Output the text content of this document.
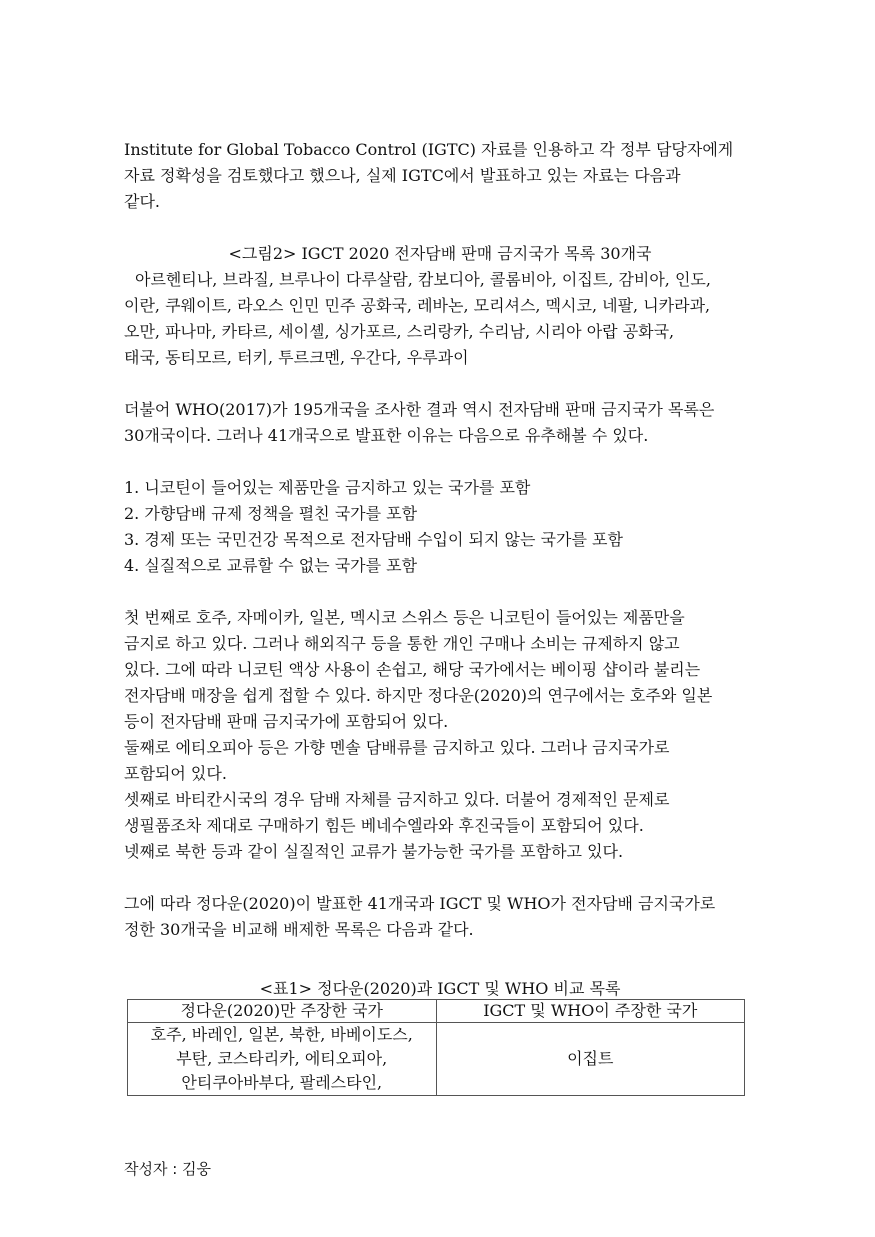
Institute for Global Tobacco Control (IGTC) 자료를 인용하고 각 정부 담당자에게

자료 정확성을 검토했다고 했으나, 실제 IGTC에서 발표하고 있는 자료는 다음과

같다.

<그림2> IGCT 2020 전자담배 판매 금지국가 목록 30개국

아르헨티나, 브라질, 브루나이 다루살람, 캄보디아, 콜롬비아, 이집트, 감비아, 인도,

이란, 쿠웨이트, 라오스 인민 민주 공화국, 레바논, 모리셔스, 멕시코, 네팔, 니카라과,

오만, 파나마, 카타르, 세이셸, 싱가포르, 스리랑카, 수리남, 시리아 아랍 공화국,

태국, 동티모르, 터키, 투르크멘, 우간다, 우루과이

더불어 WHO(2017)가 195개국을 조사한 결과 역시 전자담배 판매 금지국가 목록은

30개국이다. 그러나 41개국으로 발표한 이유는 다음으로 유추해볼 수 있다.

1. 니코틴이 들어있는 제품만을 금지하고 있는 국가를 포함

2. 가향담배 규제 정책을 펼친 국가를 포함

3. 경제 또는 국민건강 목적으로 전자담배 수입이 되지 않는 국가를 포함

4. 실질적으로 교류할 수 없는 국가를 포함

첫 번째로 호주, 자메이카, 일본, 멕시코 스위스 등은 니코틴이 들어있는 제품만을

금지로 하고 있다. 그러나 해외직구 등을 통한 개인 구매나 소비는 규제하지 않고

있다. 그에 따라 니코틴 액상 사용이 손쉽고, 해당 국가에서는 베이핑 샵이라 불리는

전자담배 매장을 쉽게 접할 수 있다. 하지만 정다운(2020)의 연구에서는 호주와 일본

등이 전자담배 판매 금지국가에 포함되어 있다.

둘째로 에티오피아 등은 가향 멘솔 담배류를 금지하고 있다. 그러나 금지국가로

포함되어 있다.

셋째로 바티칸시국의 경우 담배 자체를 금지하고 있다. 더불어 경제적인 문제로

생필품조차 제대로 구매하기 힘든 베네수엘라와 후진국들이 포함되어 있다.

넷째로 북한 등과 같이 실질적인 교류가 불가능한 국가를 포함하고 있다.

그에 따라 정다운(2020)이 발표한 41개국과 IGCT 및 WHO가 전자담배 금지국가로

정한 30개국을 비교해 배제한 목록은 다음과 같다.

<표1> 정다운(2020)과 IGCT 및 WHO 비교 목록

정다운(2020)만 주장한 국가	IGCT 및 WHO이 주장한 국가

호주, 바레인, 일본, 북한, 바베이도스,
부탄, 코스타리카, 에티오피아,
안티쿠아바부다, 팔레스타인,	이집트
작성자 : 김웅
